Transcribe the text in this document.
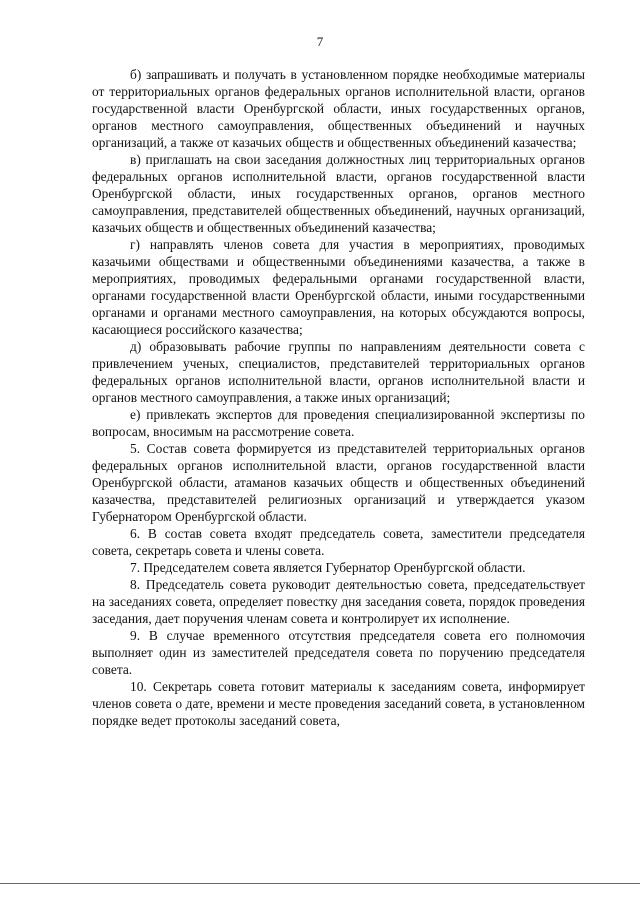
7

б) запрашивать и получать в установленном порядке необходимые материалы от территориальных органов федеральных органов исполнительной власти, органов государственной власти Оренбургской области, иных государственных органов, органов местного самоуправления, общественных объединений и научных организаций, а также от казачьих обществ и общественных объединений казачества;

в) приглашать на свои заседания должностных лиц территориальных органов федеральных органов исполнительной власти, органов государственной власти Оренбургской области, иных государственных органов, органов местного самоуправления, представителей общественных объединений, научных организаций, казачьих обществ и общественных объединений казачества;

г) направлять членов совета для участия в мероприятиях, проводимых казачьими обществами и общественными объединениями казачества, а также в мероприятиях, проводимых федеральными органами государственной власти, органами государственной власти Оренбургской области, иными государственными органами и органами местного самоуправления, на которых обсуждаются вопросы, касающиеся российского казачества;

д) образовывать рабочие группы по направлениям деятельности совета с привлечением ученых, специалистов, представителей территориальных органов федеральных органов исполнительной власти, органов исполнительной власти и органов местного самоуправления, а также иных организаций;

е) привлекать экспертов для проведения специализированной экспертизы по вопросам, вносимым на рассмотрение совета.

5. Состав совета формируется из представителей территориальных органов федеральных органов исполнительной власти, органов государственной власти Оренбургской области, атаманов казачьих обществ и общественных объединений казачества, представителей религиозных организаций и утверждается указом Губернатором Оренбургской области.

6. В состав совета входят председатель совета, заместители председателя совета, секретарь совета и члены совета.

7. Председателем совета является Губернатор Оренбургской области.

8. Председатель совета руководит деятельностью совета, председательствует на заседаниях совета, определяет повестку дня заседания совета, порядок проведения заседания, дает поручения членам совета и контролирует их исполнение.

9. В случае временного отсутствия председателя совета его полномочия выполняет один из заместителей председателя совета по поручению председателя совета.

10. Секретарь совета готовит материалы к заседаниям совета, информирует членов совета о дате, времени и месте проведения заседаний совета, в установленном порядке ведет протоколы заседаний совета,
